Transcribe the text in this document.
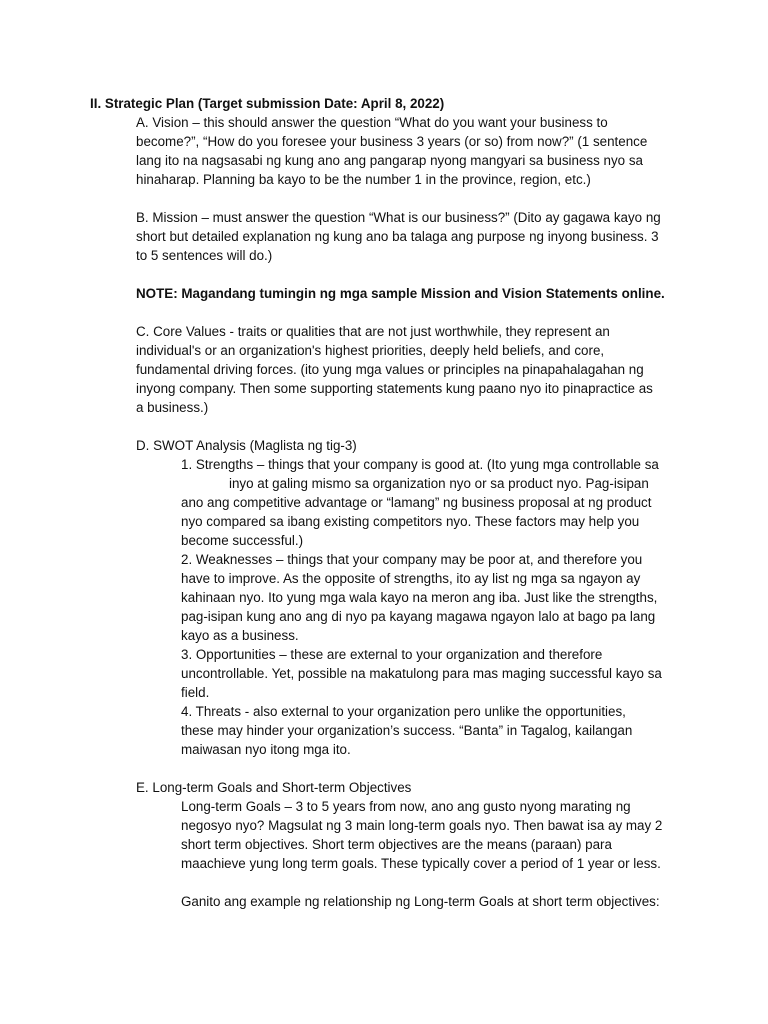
II. Strategic Plan (Target submission Date: April 8, 2022)

A. Vision – this should answer the question “What do you want your business to

become?”, “How do you foresee your business 3 years (or so) from now?” (1 sentence

lang ito na nagsasabi ng kung ano ang pangarap nyong mangyari sa business nyo sa

hinaharap. Planning ba kayo to be the number 1 in the province, region, etc.)

B. Mission – must answer the question “What is our business?” (Dito ay gagawa kayo ng

short but detailed explanation ng kung ano ba talaga ang purpose ng inyong business. 3

to 5 sentences will do.)

NOTE: Magandang tumingin ng mga sample Mission and Vision Statements online.

C. Core Values - traits or qualities that are not just worthwhile, they represent an

individual's or an organization's highest priorities, deeply held beliefs, and core,

fundamental driving forces. (ito yung mga values or principles na pinapahalagahan ng

inyong company. Then some supporting statements kung paano nyo ito pinapractice as

a business.)

D. SWOT Analysis (Maglista ng tig-3)

1. Strengths – things that your company is good at. (Ito yung mga controllable sa

inyo at galing mismo sa organization nyo or sa product nyo. Pag-isipan

ano ang competitive advantage or “lamang” ng business proposal at ng product

nyo compared sa ibang existing competitors nyo. These factors may help you

become successful.)

2. Weaknesses – things that your company may be poor at, and therefore you

have to improve. As the opposite of strengths, ito ay list ng mga sa ngayon ay

kahinaan nyo. Ito yung mga wala kayo na meron ang iba. Just like the strengths,

pag-isipan kung ano ang di nyo pa kayang magawa ngayon lalo at bago pa lang

kayo as a business.

3. Opportunities – these are external to your organization and therefore

uncontrollable. Yet, possible na makatulong para mas maging successful kayo sa

field.

4. Threats - also external to your organization pero unlike the opportunities,

these may hinder your organization’s success. “Banta” in Tagalog, kailangan

maiwasan nyo itong mga ito.

E. Long-term Goals and Short-term Objectives

Long-term Goals – 3 to 5 years from now, ano ang gusto nyong marating ng

negosyo nyo? Magsulat ng 3 main long-term goals nyo. Then bawat isa ay may 2

short term objectives. Short term objectives are the means (paraan) para

maachieve yung long term goals. These typically cover a period of 1 year or less.

Ganito ang example ng relationship ng Long-term Goals at short term objectives:
